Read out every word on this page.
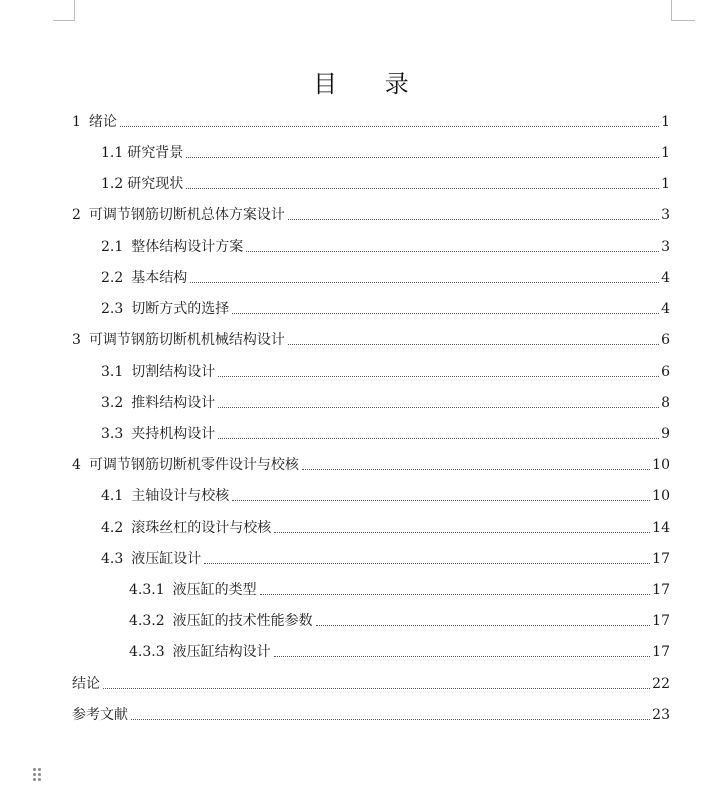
目 录
1 绪论	1
1.1 研究背景	1
1.2 研究现状	1
2 可调节钢筋切断机总体方案设计	3
2.1 整体结构设计方案	3
2.2 基本结构	4
2.3 切断方式的选择	4
3 可调节钢筋切断机机械结构设计	6
3.1 切割结构设计	6
3.2 推料结构设计	8
3.3 夹持机构设计	9
4 可调节钢筋切断机零件设计与校核	10
4.1 主轴设计与校核	10
4.2 滚珠丝杠的设计与校核	14
4.3 液压缸设计	17
4.3.1 液压缸的类型	17
4.3.2 液压缸的技术性能参数	17
4.3.3 液压缸结构设计	17
结论	22
参考文献	23
